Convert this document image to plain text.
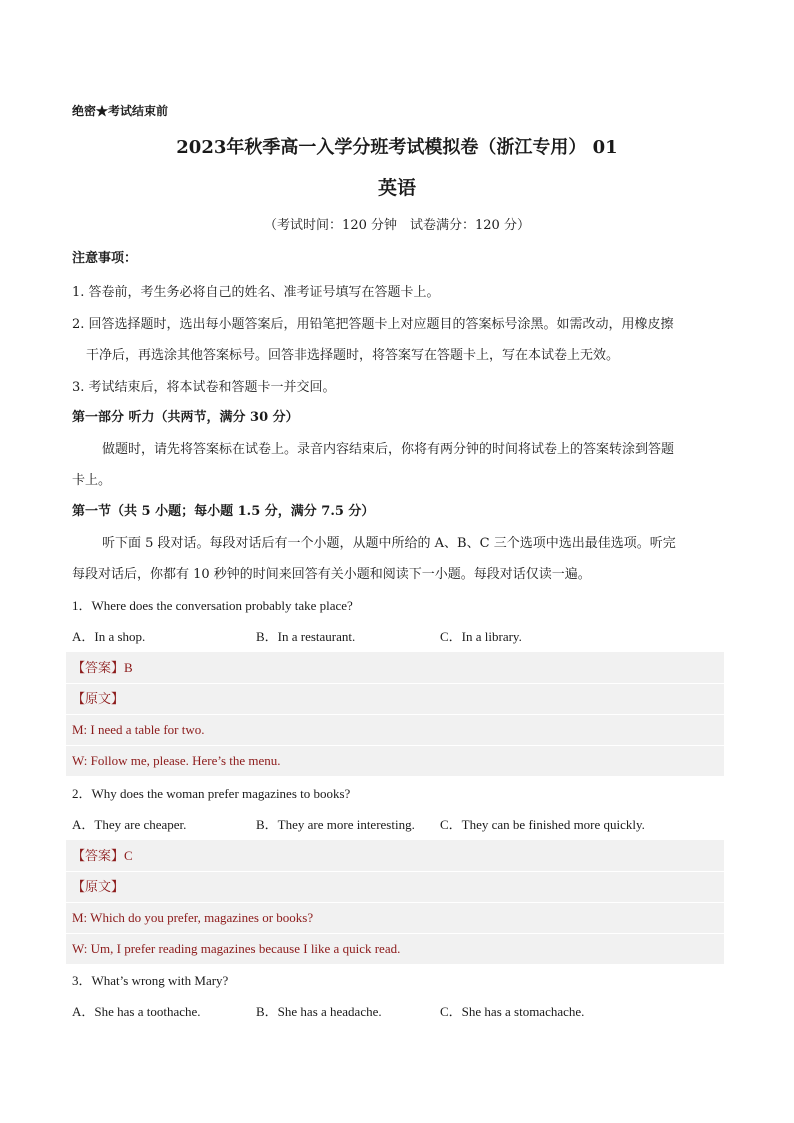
绝密★考试结束前
2023年秋季高一入学分班考试模拟卷（浙江专用） 01
英语
（考试时间：120 分钟　试卷满分：120 分）
注意事项：
1. 答卷前，考生务必将自己的姓名、准考证号填写在答题卡上。
2. 回答选择题时，选出每小题答案后，用铅笔把答题卡上对应题目的答案标号涂黑。如需改动，用橡皮擦
干净后，再选涂其他答案标号。回答非选择题时，将答案写在答题卡上，写在本试卷上无效。
3. 考试结束后，将本试卷和答题卡一并交回。
第一部分 听力（共两节，满分 30 分）
做题时，请先将答案标在试卷上。录音内容结束后，你将有两分钟的时间将试卷上的答案转涂到答题
卡上。
第一节（共 5 小题；每小题 1.5 分，满分 7.5 分）
听下面 5 段对话。每段对话后有一个小题，从题中所给的 A、B、C 三个选项中选出最佳选项。听完
每段对话后，你都有 10 秒钟的时间来回答有关小题和阅读下一小题。每段对话仅读一遍。
1．Where does the conversation probably take place?
A．In a shop.	B．In a restaurant.	C．In a library.
【答案】B
【原文】
M: I need a table for two.
W: Follow me, please. Here’s the menu.
2．Why does the woman prefer magazines to books?
A．They are cheaper.	B．They are more interesting. C．They can be finished more quickly.
【答案】C
【原文】
M: Which do you prefer, magazines or books?
W: Um, I prefer reading magazines because I like a quick read.
3．What’s wrong with Mary?
A．She has a toothache.	B．She has a headache.	C．She has a stomachache.
